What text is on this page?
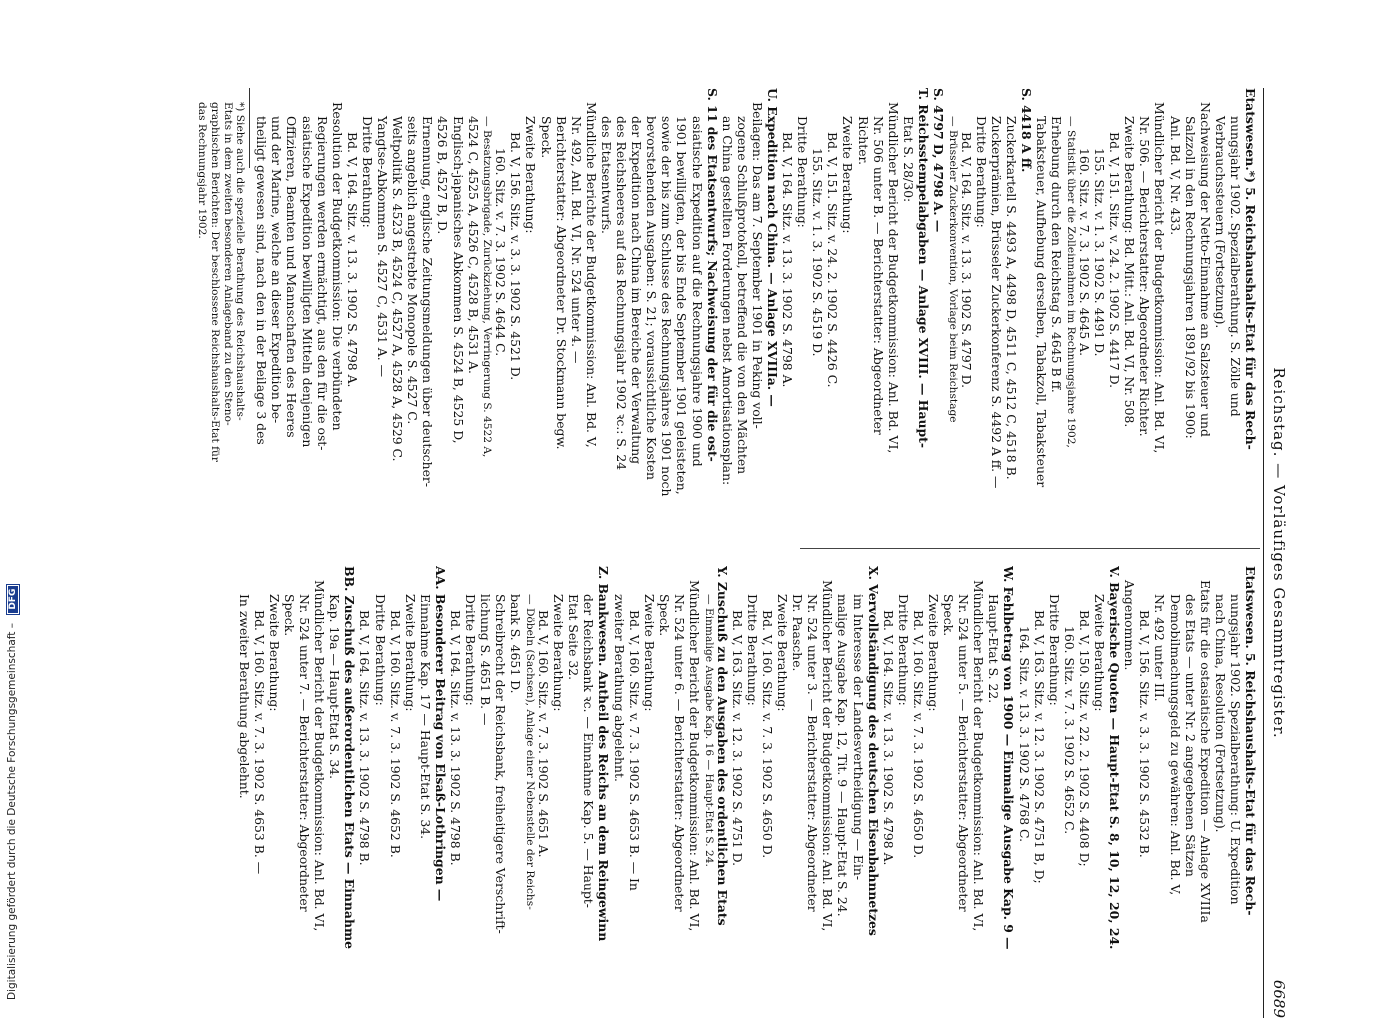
Reichstag. — Vorläufiges Gesammtregister.
6689
Etatswesen.*) 5. Reichshaushalts-Etat für das Rech-
nungsjahr 1902. Spezialberathung. S. Zölle und
Verbrauchssteuern (Fortsetzung).
Nachweisung der Netto-Einnahme an Salzsteuer und
Salzzoll in den Rechnungsjahren 1891/92 bis 1900:
Anl. Bd. V, Nr. 433.
Mündlicher Bericht der Budgetkommission: Anl. Bd. VI,
Nr. 506. — Berichterstatter: Abgeordneter Richter.
Zweite Berathung: Bd. Mitt.: Anl. Bd. VI, Nr. 508.
Bd. V, 151. Sitz. v. 24. 2. 1902 S. 4417 D.
155. Sitz. v. 1. 3. 1902 S. 4491 D.
160. Sitz. v. 7. 3. 1902 S. 4645 A.
— Statistik über die Zolleinnahmen im Rechnungsjahre 1902,
Erhebung durch den Reichstag S. 4645 B ff.
Tabaksteuer, Aufhebung derselben, Tabakzoll, Tabaksteuer
S. 4418 A ff.
Zuckerkartell S. 4493 A, 4498 D, 4511 C, 4512 C, 4518 B.
Zuckerprämien, Brüsseler Zuckerkonferenz S. 4492 A ff. —
Dritte Berathung:
Bd. V, 164. Sitz. v. 13. 3. 1902 S. 4797 D.
— Brüsseler Zuckerkonvention, Vorlage beim Reichstage
S. 4797 D, 4798 A. —
T. Reichsstempelabgaben — Anlage XVIII. — Haupt-
Etat S. 28/30:
Mündlicher Bericht der Budgetkommission: Anl. Bd. VI,
Nr. 506 unter B. — Berichterstatter: Abgeordneter
Richter.
Zweite Berathung:
Bd. V, 151. Sitz. v. 24. 2. 1902 S. 4426 C.
155. Sitz. v. 1. 3. 1902 S. 4519 D.
Dritte Berathung:
Bd. V, 164. Sitz. v. 13. 3. 1902 S. 4798 A.
U. Expedition nach China. — Anlage XVIIIa. —
Beilagen: Das am 7. September 1901 in Peking voll-
zogene Schlußprotokoll, betreffend die von den Mächten
an China gestellten Forderungen nebst Amortisationsplan:
S. 11 des Etatsentwurfs; Nachweisung der für die ost-
asiatische Expedition auf die Rechnungsjahre 1900 und
1901 bewilligten, der bis Ende September 1901 geleisteten,
sowie der bis zum Schlusse des Rechnungsjahres 1901 noch
bevorstehenden Ausgaben: S. 21; voraussichtliche Kosten
der Expedition nach China im Bereiche der Verwaltung
des Reichsheeres auf das Rechnungsjahr 1902 ꝛc.: S. 24
des Etatsentwurfs.
Mündliche Berichte der Budgetkommission: Anl. Bd. V,
Nr. 492, Anl. Bd. VI, Nr. 524 unter 4. —
Berichterstatter: Abgeordneter Dr. Stockmann begw.
Speck.
Zweite Berathung:
Bd. V, 156. Sitz. v. 3. 3. 1902 S. 4521 D.
160. Sitz. v. 7. 3. 1902 S. 4644 C.
— Besatzungsbrigade, Zurückziehung, Verringerung S. 4522 A,
4524 C, 4525 A, 4526 C, 4528 B, 4531 A.
Englisch-japanisches Abkommen S. 4524 B, 4525 D,
4526 B, 4527 B, D.
Ernennung, englische Zeitungsmeldungen über deutscher-
seits angeblich angestrebte Monopole S. 4527 C.
Weltpolitik S. 4523 B, 4524 C, 4527 A, 4528 A, 4529 C.
Yangtse-Abkommen S. 4527 C, 4531 A. —
Dritte Berathung:
Bd. V, 164. Sitz. v. 13. 3. 1902 S. 4798 A.
Resolution der Budgetkommission: Die verbündeten
Regierungen werden ermächtigt, aus den für die ost-
asiatische Expedition bewilligten Mitteln denjenigen
Offizieren, Beamten und Mannschaften des Heeres
und der Marine, welche an dieser Expedition be-
theiligt gewesen sind, nach den in der Beilage 3 des
*) Siehe auch die spezielle Berathung des Reichshaushalts-
Etats in dem zweiten besonderen Anlageband zu den Steno-
graphischen Berichten: Der beschlossene Reichshaushalts-Etat für
das Rechnungsjahr 1902.
Etatswesen. 5. Reichshaushalts-Etat für das Rech-
nungsjahr 1902. Spezialberathung: U. Expedition
nach China, Resolution (Fortsetzung).
Etats für die ostasiatische Expedition — Anlage XVIIIa
des Etats — unter Nr. 2 angegebenen Sätzen
Demobilmachungsgeld zu gewähren: Anl. Bd. V,
Nr. 492 unter III.
Bd. V, 156. Sitz. v. 3. 3. 1902 S. 4532 B.
Angenommen.
V. Bayerische Quoten — Haupt-Etat S. 8, 10, 12, 20, 24.
Zweite Berathung:
Bd. V, 150. Sitz. v. 22. 2. 1902 S. 4408 D;
160. Sitz. v. 7. 3. 1902 S. 4652 C.
Dritte Berathung:
Bd. V, 163. Sitz. v. 12. 3. 1902 S. 4751 B, D;
164. Sitz. v. 13. 3. 1902 S. 4768 C.
W. Fehlbetrag von 1900 — Einmalige Ausgabe Kap. 9 —
Haupt-Etat S. 22.
Mündlicher Bericht der Budgetkommission: Anl. Bd. VI,
Nr. 524 unter 5. — Berichterstatter: Abgeordneter
Speck.
Zweite Berathung:
Bd. V, 160. Sitz. v. 7. 3. 1902 S. 4650 D.
Dritte Berathung:
Bd. V, 164. Sitz. v. 13. 3. 1902 S. 4798 A.
X. Vervollständigung des deutschen Eisenbahnnetzes
im Interesse der Landesvertheidigung — Ein-
malige Ausgabe Kap. 12, Tit. 9 — Haupt-Etat S. 24.
Mündlicher Bericht der Budgetkommission: Anl. Bd. VI,
Nr. 524 unter 3. — Berichterstatter: Abgeordneter
Dr. Paasche.
Zweite Berathung:
Bd. V, 160. Sitz. v. 7. 3. 1902 S. 4650 D.
Dritte Berathung:
Bd. V, 163. Sitz. v. 12. 3. 1902 S. 4751 D.
Y. Zuschuß zu den Ausgaben des ordentlichen Etats
— Einmalige Ausgabe Kap. 16 — Haupt-Etat S. 24.
Mündlicher Bericht der Budgetkommission: Anl. Bd. VI,
Nr. 524 unter 6. — Berichterstatter: Abgeordneter
Speck.
Zweite Berathung:
Bd. V, 160. Sitz. v. 7. 3. 1902 S. 4653 B. — In
zweiter Berathung abgelehnt.
Z. Bankwesen. Antheil des Reichs an dem Reingewinn
der Reichsbank ꝛc. — Einnahme Kap. 5. — Haupt-
Etat Seite 32.
Zweite Berathung:
Bd. V, 160. Sitz. v. 7. 3. 1902 S. 4651 A.
— Döbeln (Sachsen), Anlage einer Nebenstelle der Reichs-
bank S. 4651 D.
Schreibrecht der Reichsbank, freiheitigere Verschrift-
lichung S. 4651 B. —
Dritte Berathung:
Bd. V, 164. Sitz. v. 13. 3. 1902 S. 4798 B.
AA. Besonderer Beitrag von Elsaß-Lothringen —
Einnahme Kap. 17 — Haupt-Etat S. 34.
Zweite Berathung:
Bd. V, 160. Sitz. v. 7. 3. 1902 S. 4652 B.
Dritte Berathung:
Bd. V, 164. Sitz. v. 13. 3. 1902 S. 4798 B.
BB. Zuschuß des außerordentlichen Etats — Einnahme
Kap. 19a — Haupt-Etat S. 34.
Mündlicher Bericht der Budgetkommission: Anl. Bd. VI,
Nr. 524 unter 7. — Berichterstatter: Abgeordneter
Speck.
Zweite Berathung:
Bd. V, 160. Sitz. v. 7. 3. 1902 S. 4653 B. —
In zweiter Berathung abgelehnt.
Digitalisierung gefördert durch die Deutsche Forschungsgemeinschaft – DFG
